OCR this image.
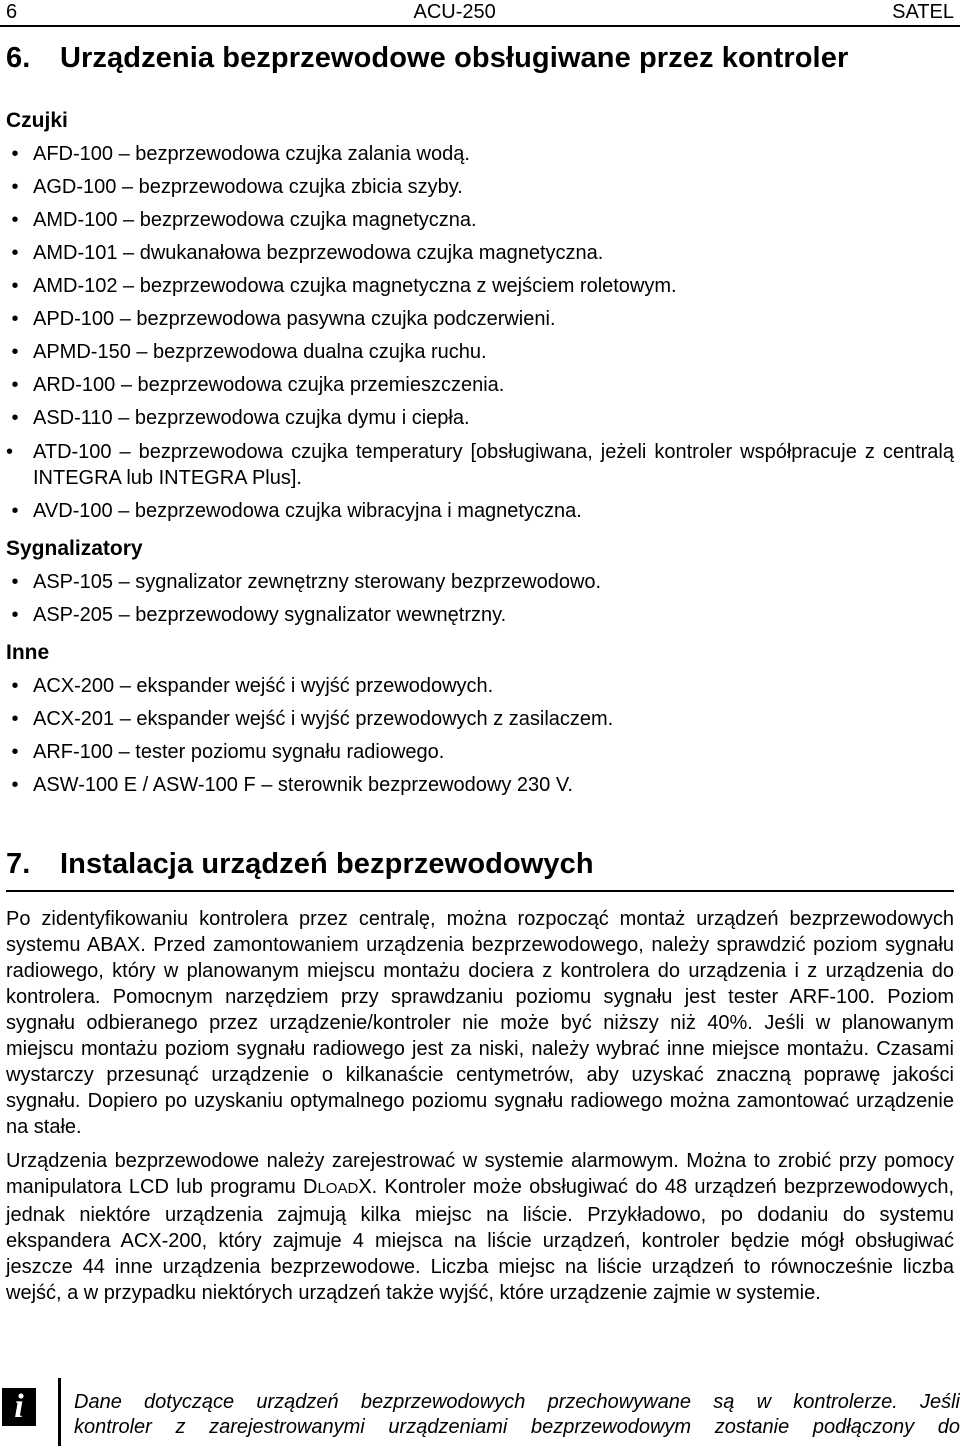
6	ACU-250	SATEL
6. Urządzenia bezprzewodowe obsługiwane przez kontroler
Czujki
• AFD-100 – bezprzewodowa czujka zalania wodą.
• AGD-100 – bezprzewodowa czujka zbicia szyby.
• AMD-100 – bezprzewodowa czujka magnetyczna.
• AMD-101 – dwukanałowa bezprzewodowa czujka magnetyczna.
• AMD-102 – bezprzewodowa czujka magnetyczna z wejściem roletowym.
• APD-100 – bezprzewodowa pasywna czujka podczerwieni.
• APMD-150 – bezprzewodowa dualna czujka ruchu.
• ARD-100 – bezprzewodowa czujka przemieszczenia.
• ASD-110 – bezprzewodowa czujka dymu i ciepła.
• ATD-100 – bezprzewodowa czujka temperatury [obsługiwana, jeżeli kontroler współpracuje z centralą INTEGRA lub INTEGRA Plus].
• AVD-100 – bezprzewodowa czujka wibracyjna i magnetyczna.
Sygnalizatory
• ASP-105 – sygnalizator zewnętrzny sterowany bezprzewodowo.
• ASP-205 – bezprzewodowy sygnalizator wewnętrzny.
Inne
• ACX-200 – ekspander wejść i wyjść przewodowych.
• ACX-201 – ekspander wejść i wyjść przewodowych z zasilaczem.
• ARF-100 – tester poziomu sygnału radiowego.
• ASW-100 E / ASW-100 F – sterownik bezprzewodowy 230 V.
7. Instalacja urządzeń bezprzewodowych

Po zidentyfikowaniu kontrolera przez centralę, można rozpocząć montaż urządzeń bezprzewodowych systemu ABAX. Przed zamontowaniem urządzenia bezprzewodowego, należy sprawdzić poziom sygnału radiowego, który w planowanym miejscu montażu dociera z kontrolera do urządzenia i z urządzenia do kontrolera. Pomocnym narzędziem przy sprawdzaniu poziomu sygnału jest tester ARF-100. Poziom sygnału odbieranego przez urządzenie/kontroler nie może być niższy niż 40%. Jeśli w planowanym miejscu montażu poziom sygnału radiowego jest za niski, należy wybrać inne miejsce montażu. Czasami wystarczy przesunąć urządzenie o kilkanaście centymetrów, aby uzyskać znaczną poprawę jakości sygnału. Dopiero po uzyskaniu optymalnego poziomu sygnału radiowego można zamontować urządzenie na stałe.

Urządzenia bezprzewodowe należy zarejestrować w systemie alarmowym. Można to zrobić przy pomocy manipulatora LCD lub programu DLOADX. Kontroler może obsługiwać do 48 urządzeń bezprzewodowych, jednak niektóre urządzenia zajmują kilka miejsc na liście. Przykładowo, po dodaniu do systemu ekspandera ACX-200, który zajmuje 4 miejsca na liście urządzeń, kontroler będzie mógł obsługiwać jeszcze 44 inne urządzenia bezprzewodowe. Liczba miejsc na liście urządzeń to równocześnie liczba wejść, a w przypadku niektórych urządzeń także wyjść, które urządzenie zajmie w systemie.

i	Dane dotyczące urządzeń bezprzewodowych przechowywane są w kontrolerze. Jeśli
kontroler z zarejestrowanymi urządzeniami bezprzewodowym zostanie podłączony do
